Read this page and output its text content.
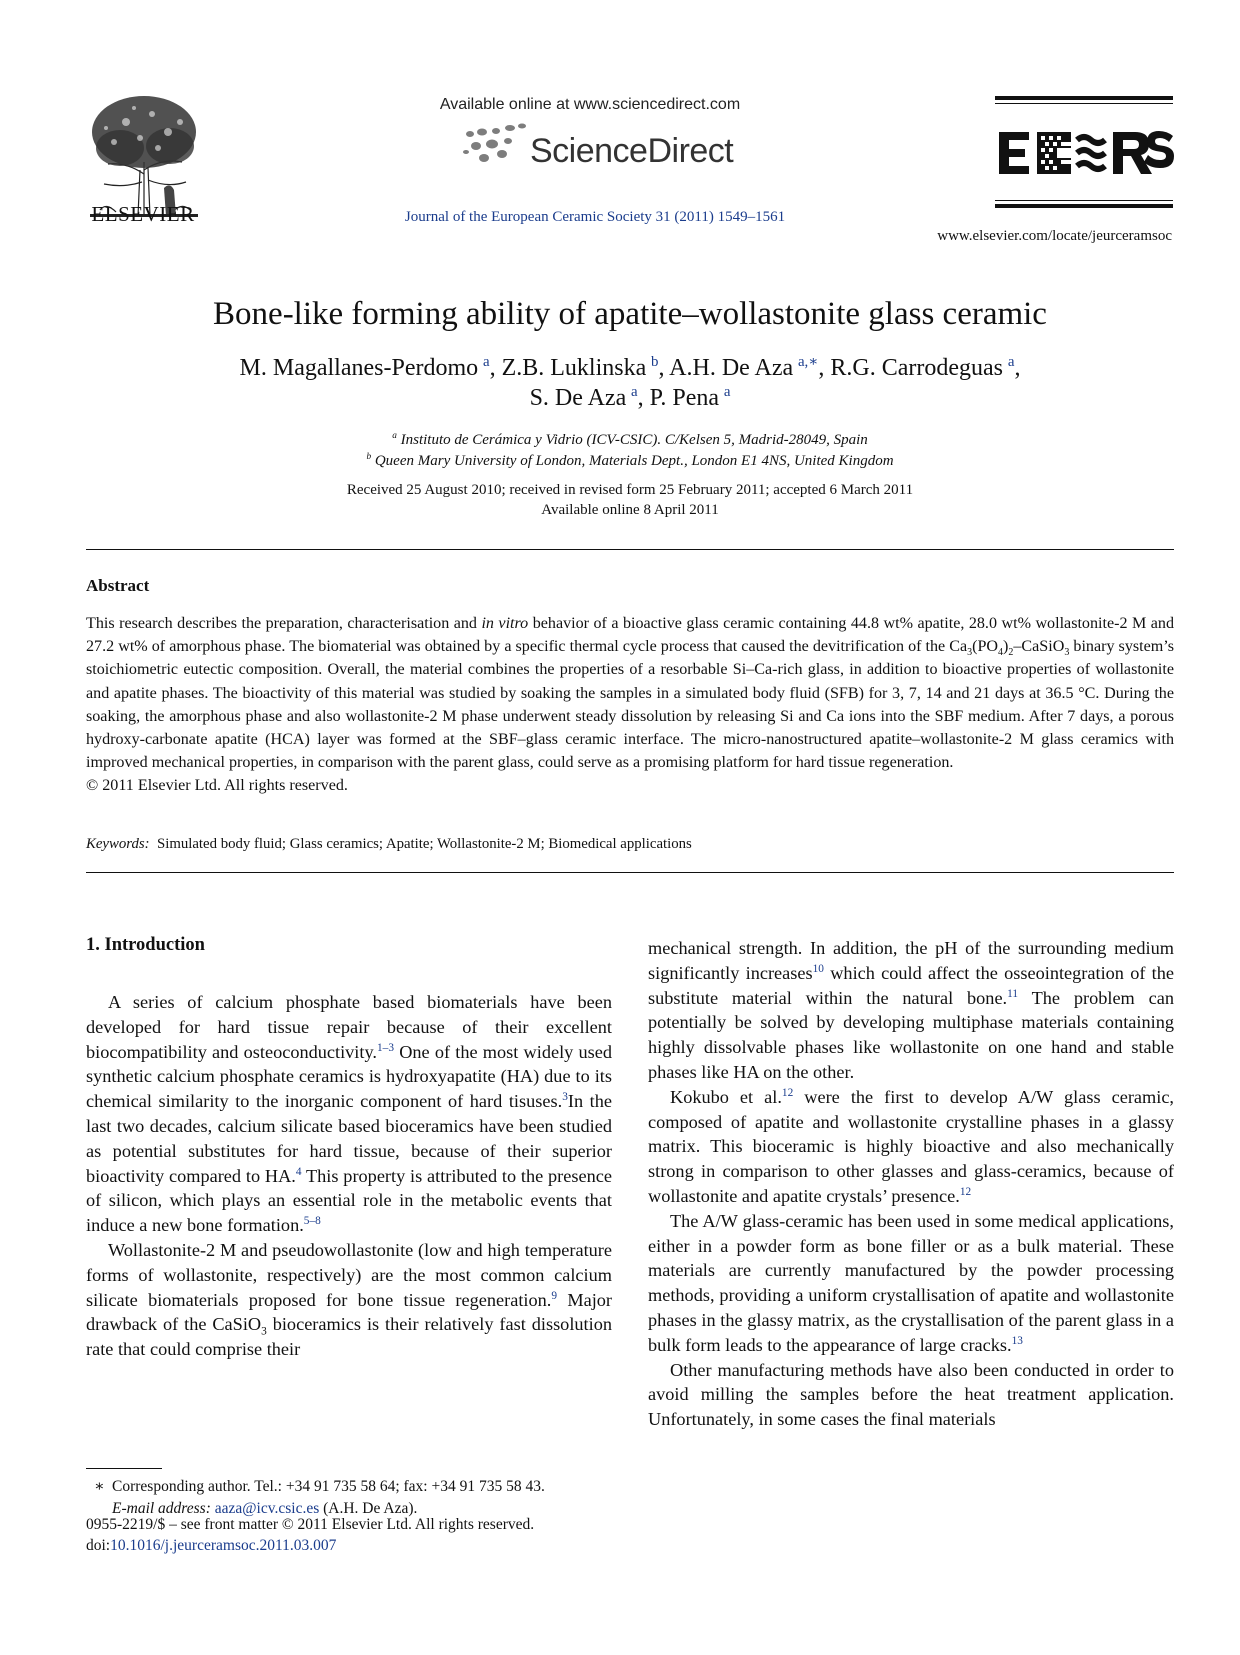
ELSEVIER
Available online at www.sciencedirect.com
ScienceDirect
Journal of the European Ceramic Society 31 (2011) 1549–1561
www.elsevier.com/locate/jeurceramsoc
Bone-like forming ability of apatite–wollastonite glass ceramic
M. Magallanes-Perdomo  $^a$, Z.B. Luklinska  $^b$, A.H. De Aza  $^{a,∗}$, R.G. Carrodeguas  $^a$,
S. De Aza  $^a$, P. Pena  $^a$
$^a$ Instituto de Cerámica y Vidrio (ICV-CSIC). C/Kelsen 5, Madrid-28049, Spain
$^b$ Queen Mary University of London, Materials Dept., London E1 4NS, United Kingdom
Received 25 August 2010; received in revised form 25 February 2011; accepted 6 March 2011
Available online 8 April 2011
Abstract
This research describes the preparation, characterisation and in vitro behavior of a bioactive glass ceramic containing 44.8 wt% apatite, 28.0 wt% wollastonite-2 M and 27.2 wt% of amorphous phase. The biomaterial was obtained by a specific thermal cycle process that caused the devitrification of the $Ca_3(PO_4)_2-CaSiO_3$ binary system’s stoichiometric eutectic composition. Overall, the material combines the properties of a resorbable Si–Ca-rich glass, in addition to bioactive properties of wollastonite and apatite phases. The bioactivity of this material was studied by soaking the samples in a simulated body fluid (SFB) for 3, 7, 14 and 21 days at 36.5 °C. During the soaking, the amorphous phase and also wollastonite-2 M phase underwent steady dissolution by releasing Si and Ca ions into the SBF medium. After 7 days, a porous hydroxy-carbonate apatite (HCA) layer was formed at the SBF–glass ceramic interface. The micro-nanostructured apatite–wollastonite-2 M glass ceramics with improved mechanical properties, in comparison with the parent glass, could serve as a promising platform for hard tissue regeneration.
© 2011 Elsevier Ltd. All rights reserved.
Keywords: Simulated body fluid; Glass ceramics; Apatite; Wollastonite-2 M; Biomedical applications
1. Introduction

A series of calcium phosphate based biomaterials have been developed for hard tissue repair because of their excellent biocompatibility and osteoconductivity.$^{1-3}$ One of the most widely used synthetic calcium phosphate ceramics is hydroxyapatite (HA) due to its chemical similarity to the inorganic component of hard tisuses.$^3$In the last two decades, calcium silicate based bioceramics have been studied as potential substitutes for hard tissue, because of their superior bioactivity compared to HA.$^4$ This property is attributed to the presence of silicon, which plays an essential role in the metabolic events that induce a new bone formation.$^{5-8}$

Wollastonite-2 M and pseudowollastonite (low and high temperature forms of wollastonite, respectively) are the most common calcium silicate biomaterials proposed for bone tissue regeneration.$^9$ Major drawback of the CaSiO$_3$ bioceramics is their relatively fast dissolution rate that could comprise their

mechanical strength. In addition, the pH of the surrounding medium significantly increases$^{10}$ which could affect the osseointegration of the substitute material within the natural bone.$^{11}$ The problem can potentially be solved by developing multiphase materials containing highly dissolvable phases like wollastonite on one hand and stable phases like HA on the other.

Kokubo et al.$^{12}$ were the first to develop A/W glass ceramic, composed of apatite and wollastonite crystalline phases in a glassy matrix. This bioceramic is highly bioactive and also mechanically strong in comparison to other glasses and glass-ceramics, because of wollastonite and apatite crystals’ presence.$^{12}$

The A/W glass-ceramic has been used in some medical applications, either in a powder form as bone filler or as a bulk material. These materials are currently manufactured by the powder processing methods, providing a uniform crystallisation of apatite and wollastonite phases in the glassy matrix, as the crystallisation of the parent glass in a bulk form leads to the appearance of large cracks.$^{13}$

Other manufacturing methods have also been conducted in order to avoid milling the samples before the heat treatment application. Unfortunately, in some cases the final materials

∗ Corresponding author. Tel.: +34 91 735 58 64; fax: +34 91 735 58 43.
E-mail address: aaza@icv.csic.es (A.H. De Aza).
0955-2219/$ – see front matter © 2011 Elsevier Ltd. All rights reserved.
doi:10.1016/j.jeurceramsoc.2011.03.007
